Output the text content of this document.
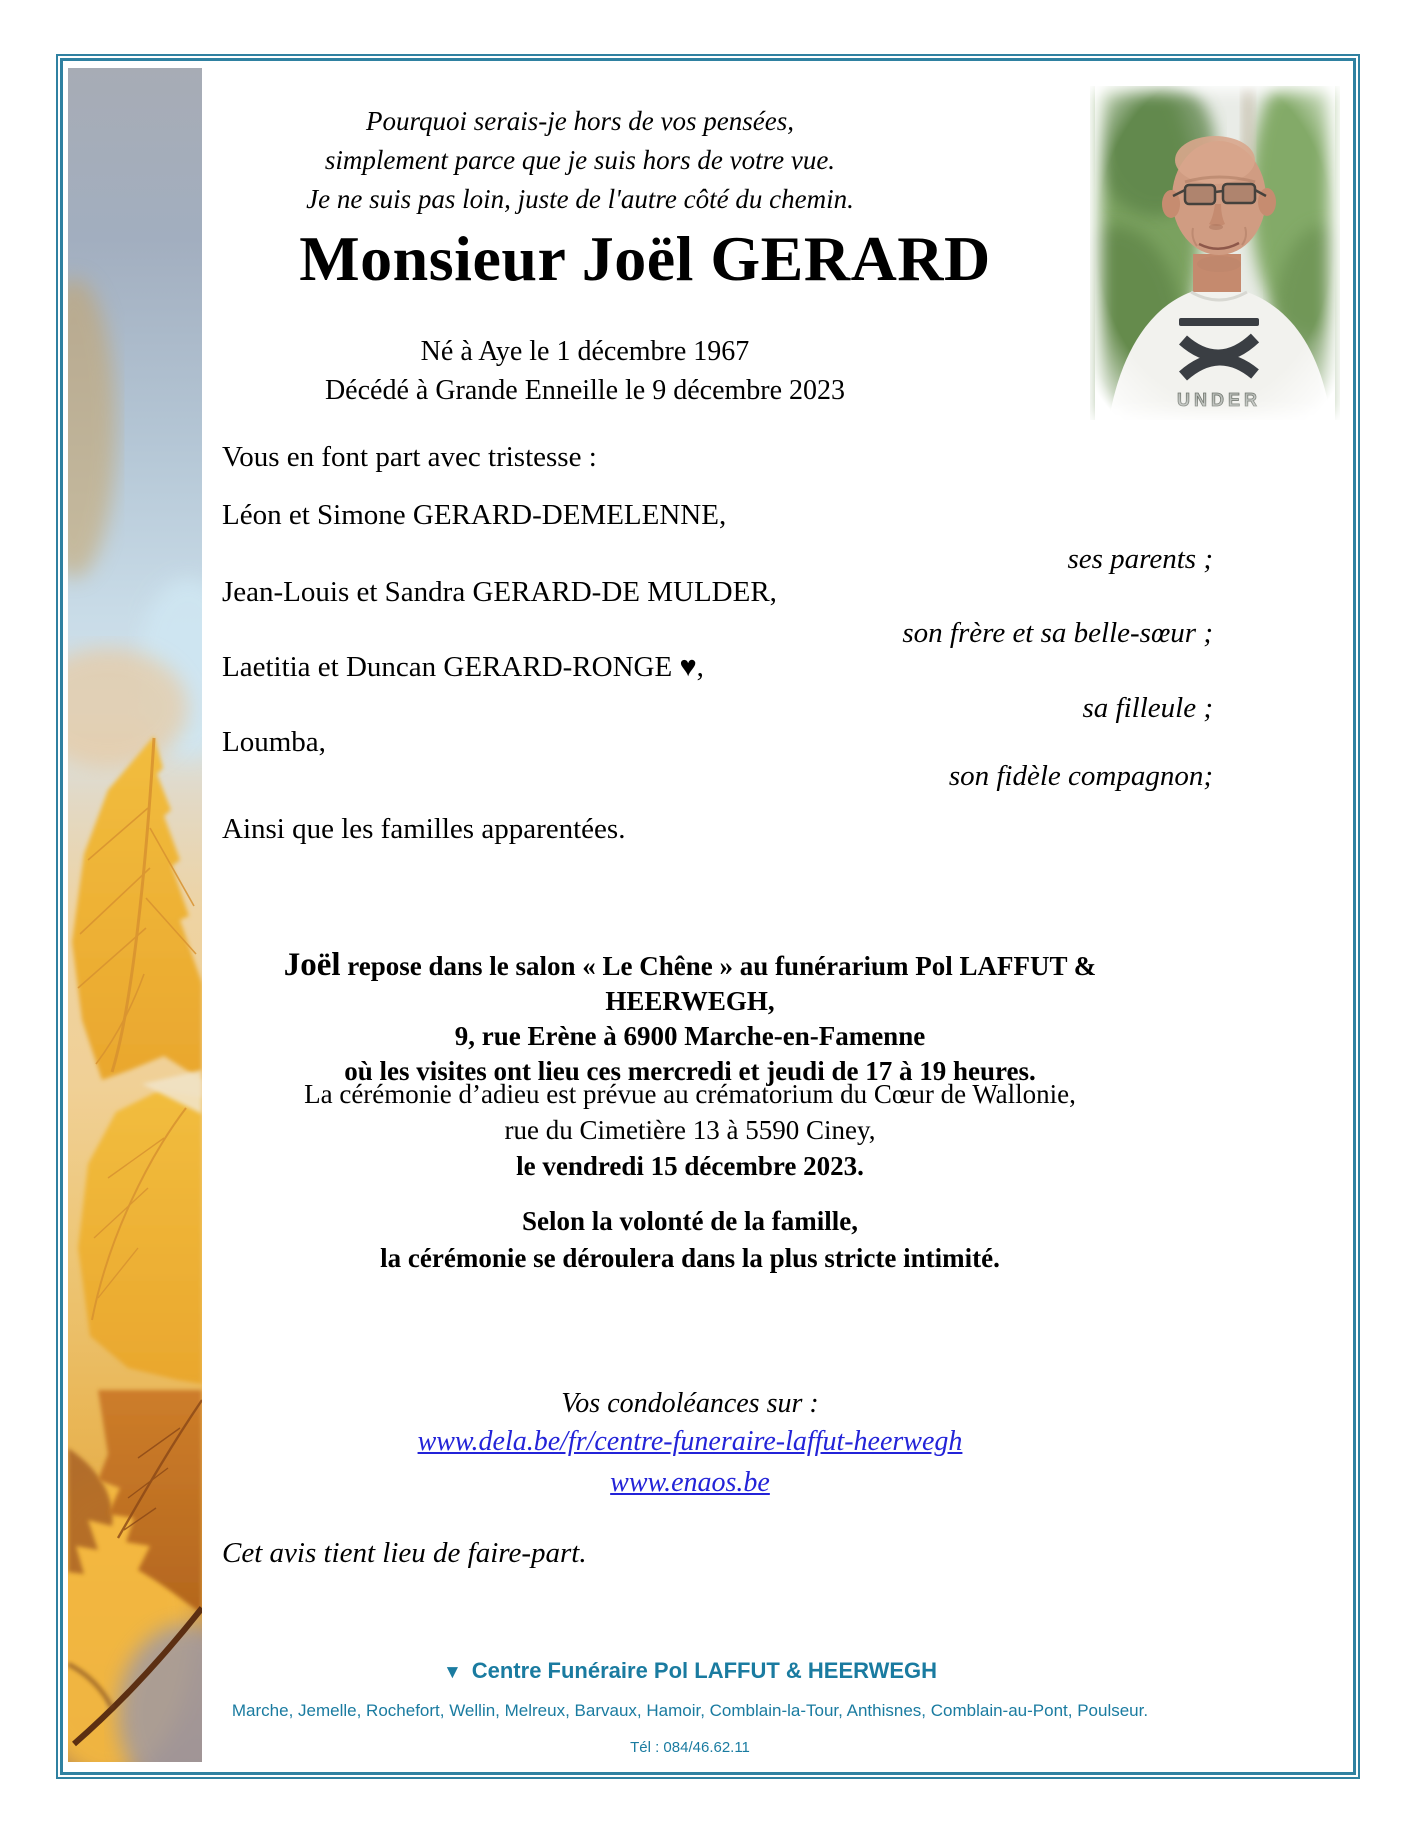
Pourquoi serais-je hors de vos pensées,
simplement parce que je suis hors de votre vue.
Je ne suis pas loin, juste de l'autre côté du chemin.
Monsieur Joël GERARD
Né à Aye le 1 décembre 1967
Décédé à Grande Enneille le 9 décembre 2023
Vous en font part avec tristesse :
Léon et Simone GERARD-DEMELENNE,
ses parents ;
Jean-Louis et Sandra GERARD-DE MULDER,
son frère et sa belle-sœur ;
Laetitia et Duncan GERARD-RONGE ♥,
sa filleule ;
Loumba,
son fidèle compagnon;
Ainsi que les familles apparentées.
Joël repose dans le salon « Le Chêne » au funérarium Pol LAFFUT & HEERWEGH,
9, rue Erène à 6900 Marche-en-Famenne
où les visites ont lieu ces mercredi et jeudi de 17 à 19 heures.
La cérémonie d’adieu est prévue au crématorium du Cœur de Wallonie,
rue du Cimetière 13 à 5590 Ciney,
le vendredi 15 décembre 2023.
Selon la volonté de la famille,
la cérémonie se déroulera dans la plus stricte intimité.
Vos condoléances sur :
www.dela.be/fr/centre-funeraire-laffut-heerwegh
www.enaos.be
Cet avis tient lieu de faire-part.
▼ Centre Funéraire Pol LAFFUT & HEERWEGH
Marche, Jemelle, Rochefort, Wellin, Melreux, Barvaux, Hamoir, Comblain-la-Tour, Anthisnes, Comblain-au-Pont, Poulseur.
Tél : 084/46.62.11
